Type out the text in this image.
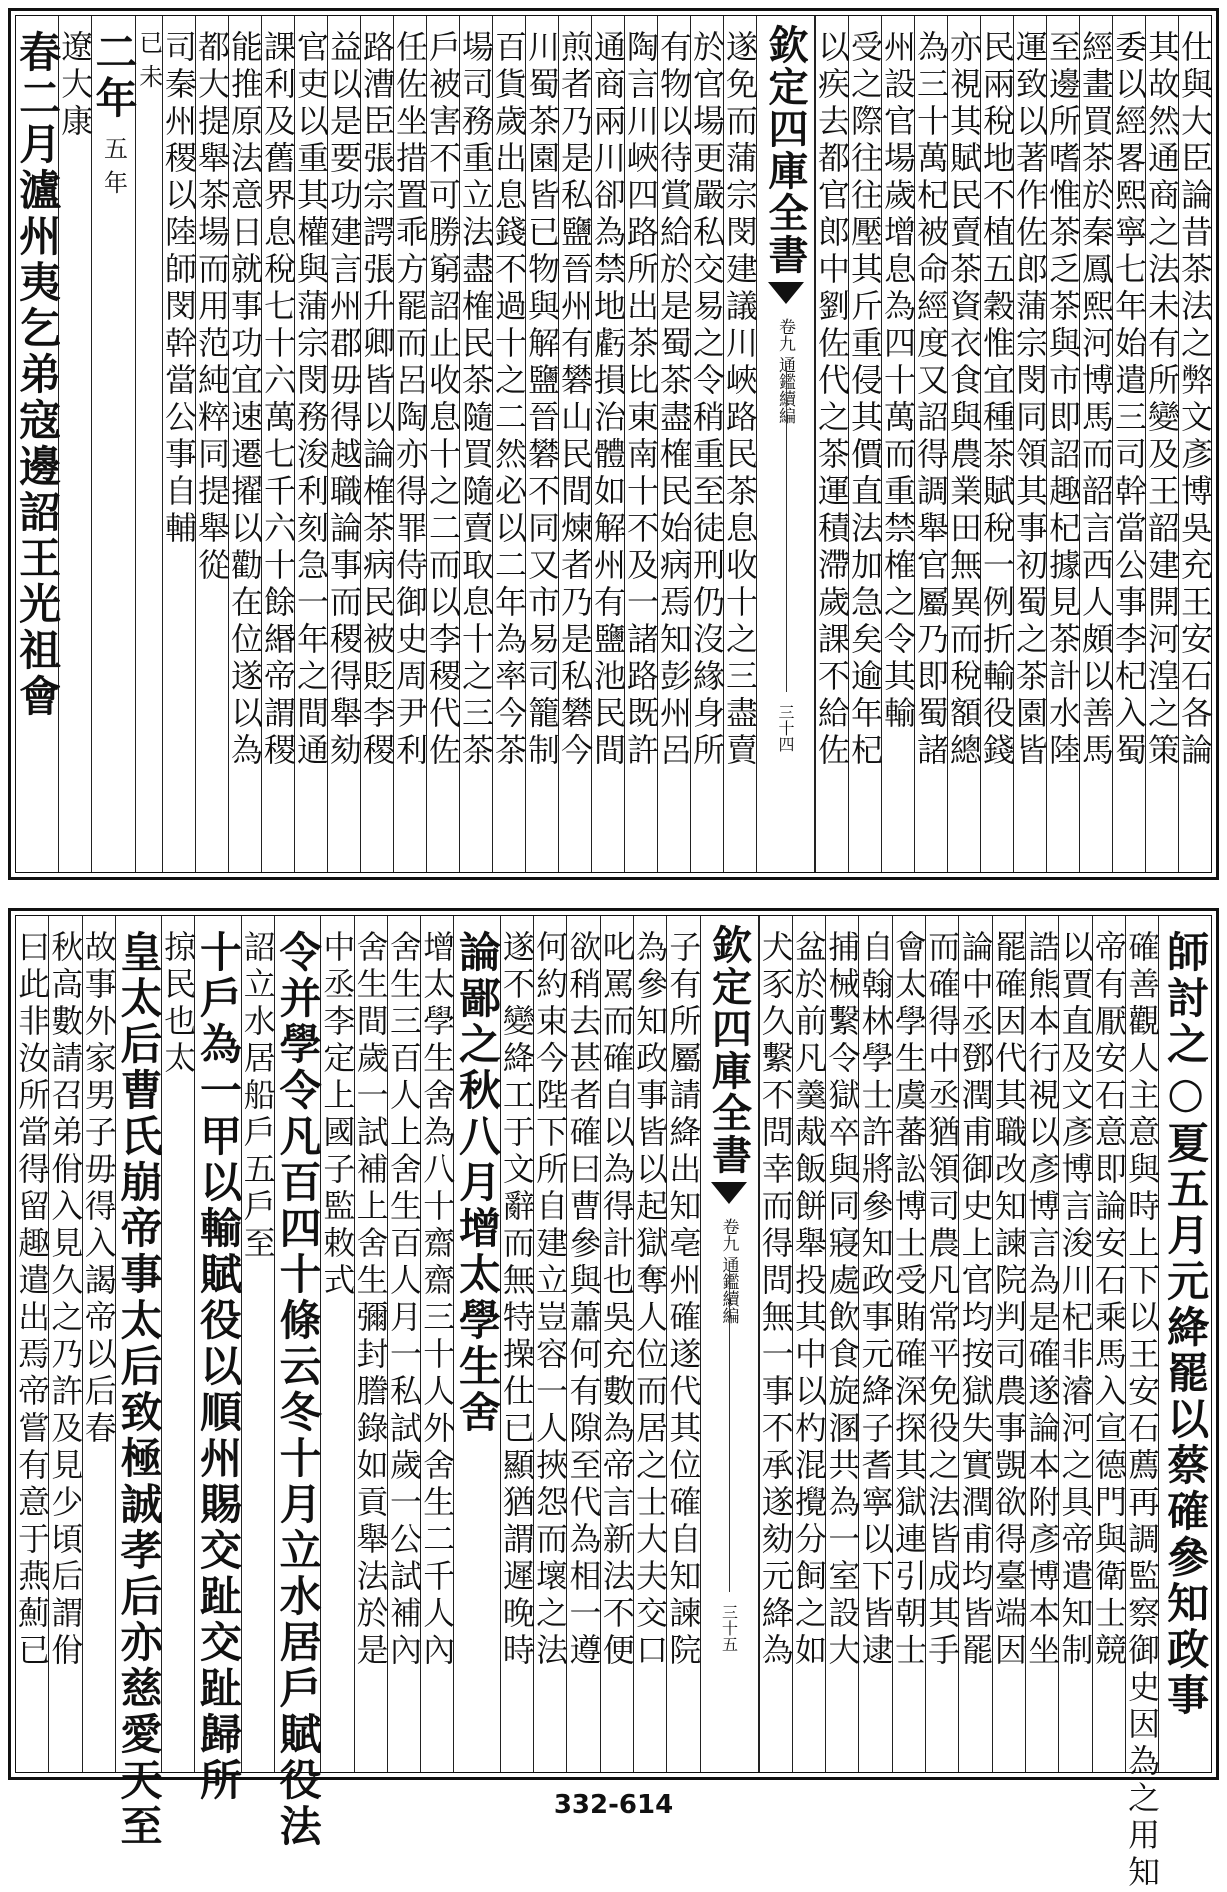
仕與大臣論昔茶法之弊文彥博吳充王安石各論
其故然通商之法未有所變及王韶建開河湟之策
委以經畧熙寧七年始遣三司幹當公事李杞入蜀
經畫買茶於秦鳳熙河博馬而韶言西人頗以善馬
至邊所嗜惟茶乏茶與市即詔趣杞據見茶計水陸
運致以著作佐郎蒲宗閔同領其事初蜀之茶園皆
民兩稅地不植五穀惟宜種茶賦稅一例折輸役錢
亦視其賦民賣茶資衣食與農業田無異而稅額總
為三十萬杞被命經度又詔得調舉官屬乃即蜀諸
州設官場歲增息為四十萬而重禁榷之令其輸
受之際往往壓其斤重侵其價直法加急矣逾年杞
以疾去都官郎中劉佐代之茶運積滯歲課不給佐
欽定四庫全書
卷九
通鑑續編
三十四
遂免而蒲宗閔建議川峽路民茶息收十之三盡賣
於官場更嚴私交易之令稍重至徒刑仍沒緣身所
有物以待賞給於是蜀茶盡榷民始病焉知彭州呂
陶言川峽四路所出茶比東南十不及一諸路既許
通商兩川卻為禁地虧損治體如解州有鹽池民間
煎者乃是私鹽晉州有礬山民間煉者乃是私礬今
川蜀茶園皆已物與解鹽晉礬不同又市易司籠制
百貨歲出息錢不過十之二然必以二年為率今茶
場司務重立法盡榷民茶隨買隨賣取息十之三茶
戶被害不可勝窮詔止收息十之二而以李稷代佐
任佐坐措置乖方罷而呂陶亦得罪侍御史周尹利
路漕臣張宗諤張升卿皆以論榷茶病民被貶李稷
益以是要功建言州郡毋得越職論事而稷得舉劾
官吏以重其權與蒲宗閔務浚利刻急一年之間通
課利及舊界息稅七十六萬七千六十餘緡帝謂稷
能推原法意日就事功宜速遷擢以勸在位遂以為
都大提舉茶場而用范純粹同提舉從
司秦州稷以陸師閔幹當公事自輔
已未
二年
五年
遼大康
春二月瀘州夷乞弟寇邊詔王光祖會
師討之○夏五月元絳罷以蔡確參知政事
確善觀人主意與時上下以王安石薦再調監察御史因為之用知
帝有厭安石意即論安石乘馬入宣德門與衛士競
以賈直及文彥博言浚川杞非濬河之具帝遣知制
誥熊本行視以彥博言為是確遂論本附彥博本坐
罷確因代其職改知諫院判司農事覬欲得臺端因
論中丞鄧潤甫御史上官均按獄失實潤甫均皆罷
而確得中丞猶領司農凡常平免役之法皆成其手
會太學生虞蕃訟博士受賄確深探其獄連引朝士
自翰林學士許將參知政事元絳子耆寧以下皆逮
捕械繫令獄卒與同寢處飲食旋溷共為一室設大
盆於前凡羹胾飯餅舉投其中以杓混攪分飼之如
犬豕久繫不問幸而得問無一事不承遂劾元絳為
欽定四庫全書
卷九
通鑑續編
三十五
子有所屬請絳出知亳州確遂代其位確自知諫院
為參知政事皆以起獄奪人位而居之士大夫交口
叱罵而確自以為得計也吳充數為帝言新法不便
欲稍去甚者確曰曹參與蕭何有隙至代為相一遵
何約束今陛下所自建立豈容一人挾怨而壞之法
遂不變絳工于文辭而無特操仕已顯猶謂遲晚時
論鄙之秋八月增太學生舍
增太學生舍為八十齋齋三十人外舍生二千人內
舍生三百人上舍生百人月一私試歲一公試補內
舍生間歲一試補上舍生彌封謄錄如貢舉法於是
中丞李定上國子監敕式
令并學令凡百四十條云冬十月立水居戶賦役法
詔立水居船戶五戶至
十戶為一甲以輸賦役以順州賜交趾交趾歸所
掠民也太
皇太后曹氏崩帝事太后致極誠孝后亦慈愛天至
故事外家男子毋得入謁帝以后春
秋高數請召弟佾入見久之乃許及見少頃后謂佾
曰此非汝所當得留趣遣出焉帝嘗有意于燕薊已
332-614
